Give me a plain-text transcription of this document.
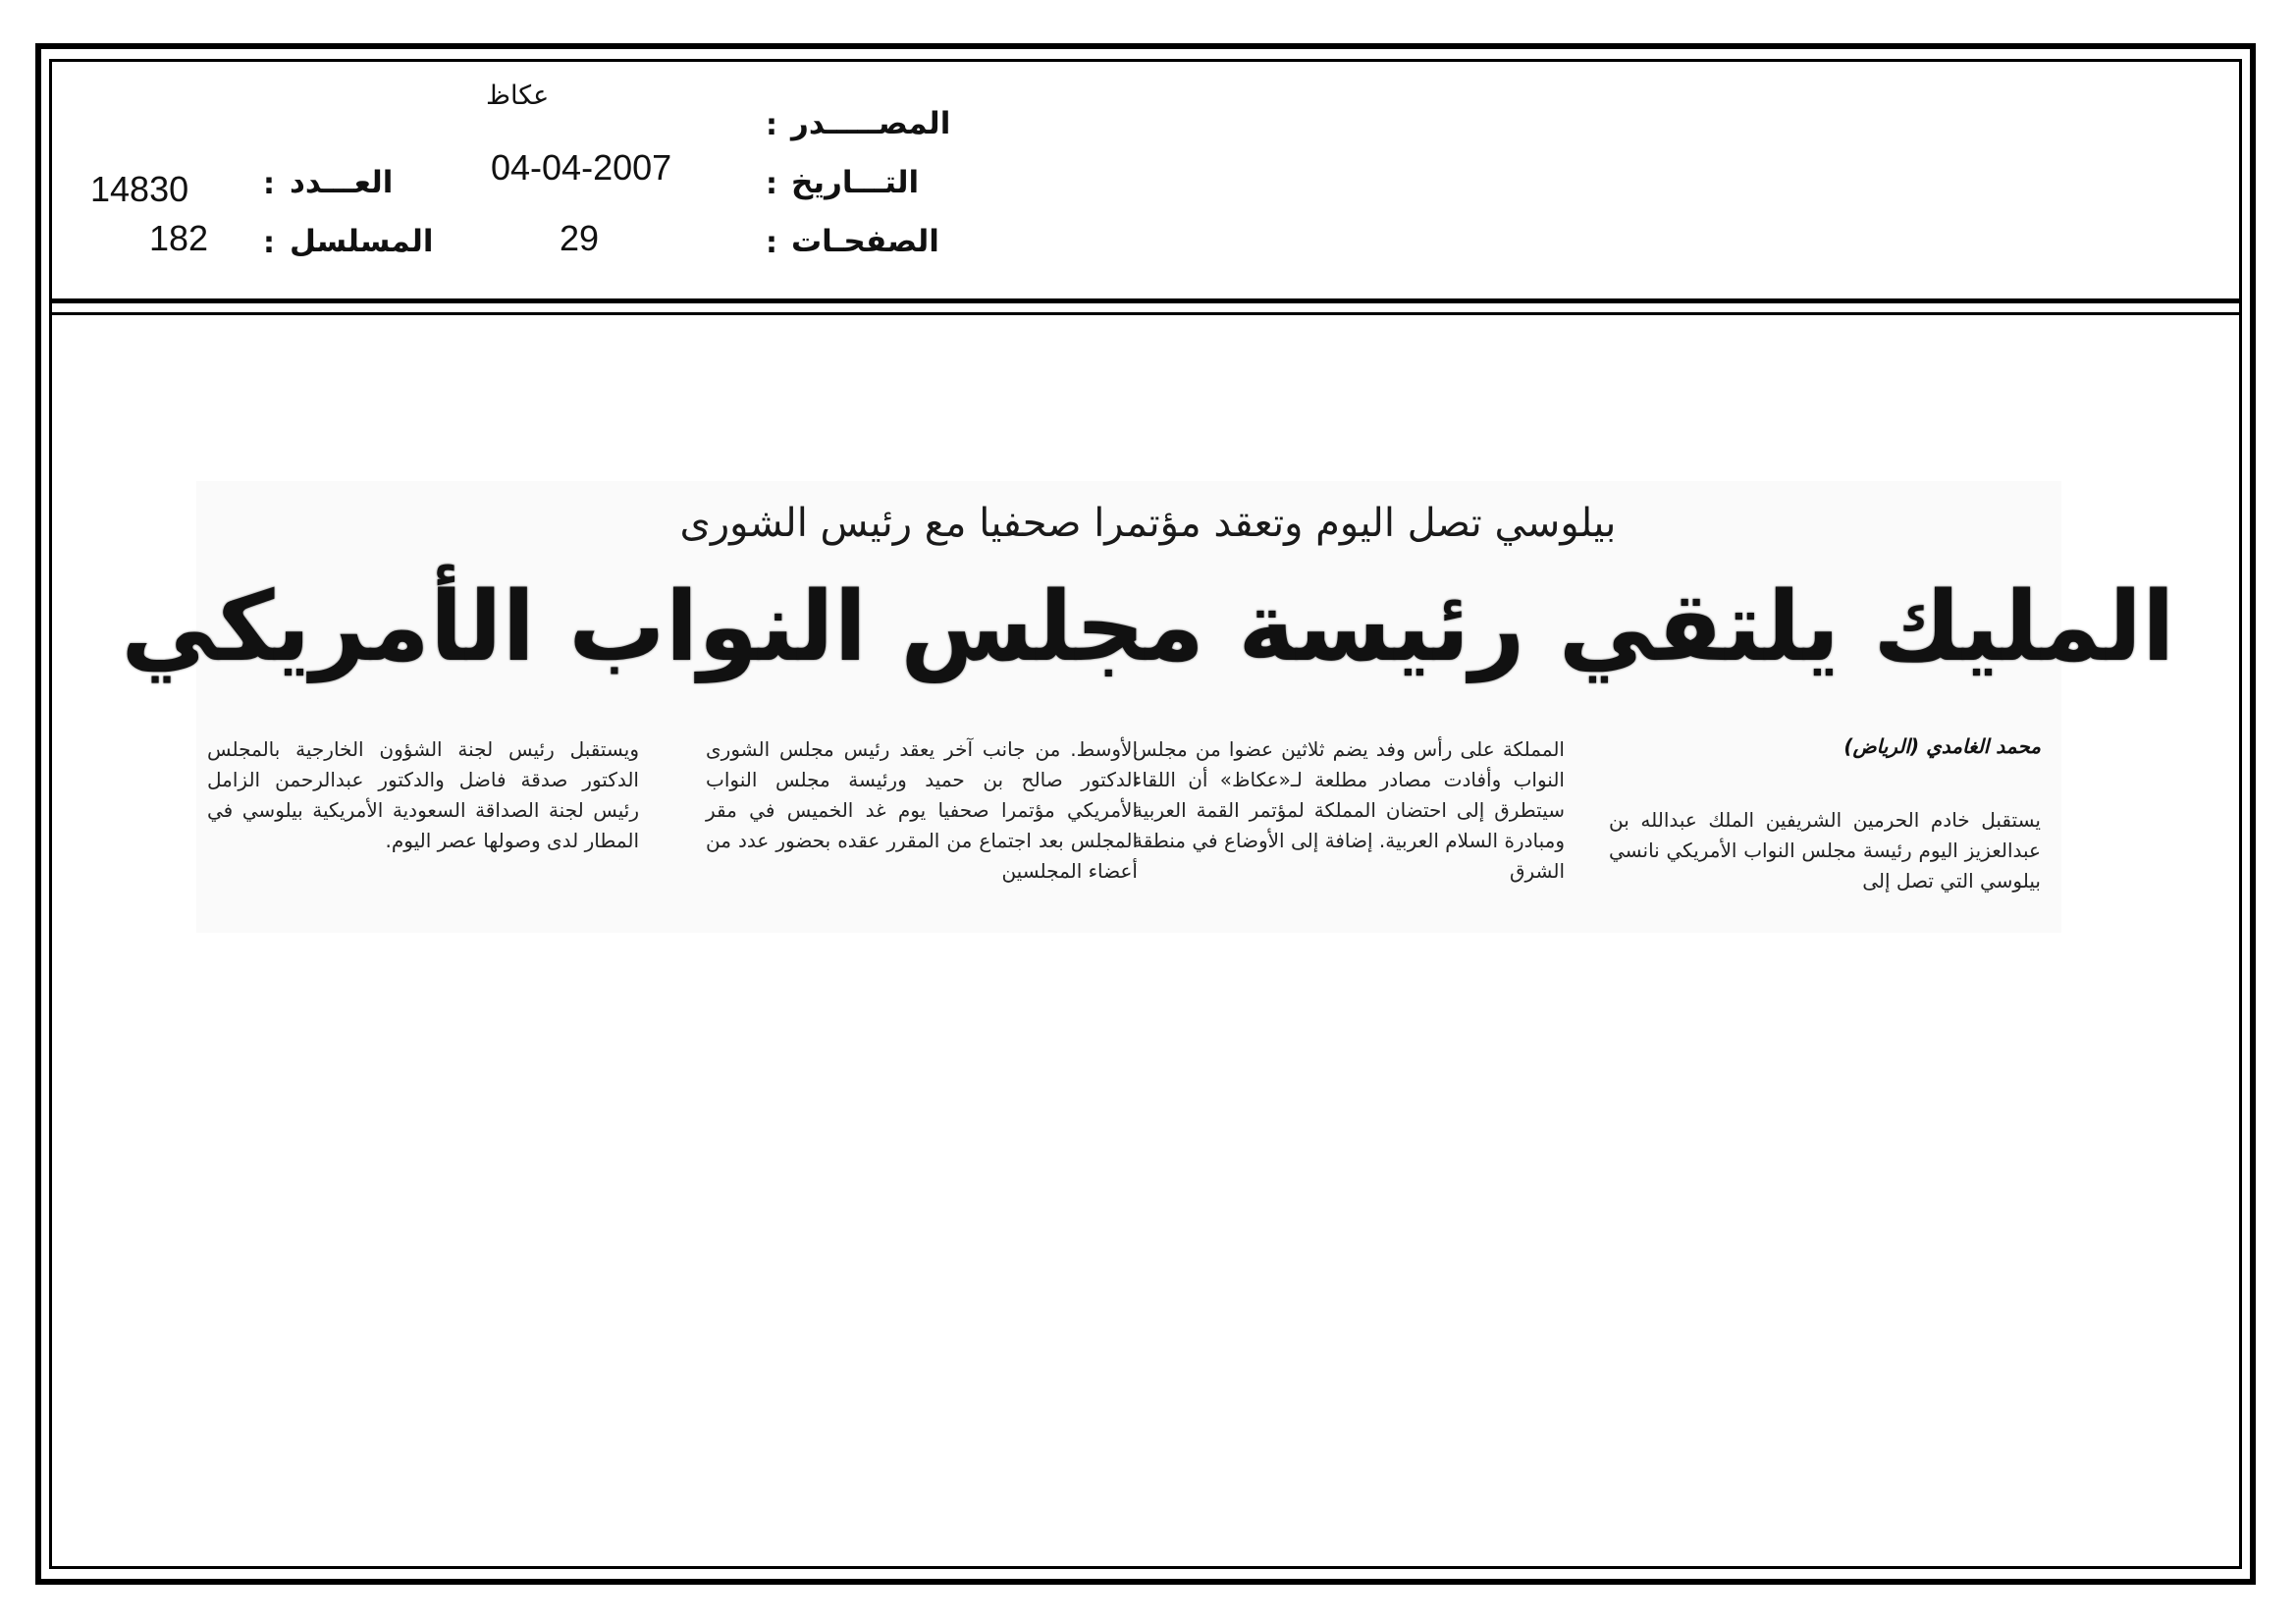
المصـــــدر
:
التـــاريخ
:
الصفحـات
:
عكاظ
04-04-2007
29
العـــدد
:
المسلسل
:
14830
182
بيلوسي تصل اليوم وتعقد مؤتمرا صحفيا مع رئيس الشورى
المليك يلتقي رئيسة مجلس النواب الأمريكي
محمد الغامدي (الرياض)

يستقبل خادم الحرمين الشريفين الملك عبدالله بن عبدالعزيز اليوم رئيسة مجلس النواب الأمريكي نانسي بيلوسي التي تصل إلى

المملكة على رأس وفد يضم ثلاثين عضوا من مجلس النواب وأفادت مصادر مطلعة لـ«عكاظ» أن اللقاء سيتطرق إلى احتضان المملكة لمؤتمر القمة العربية ومبادرة السلام العربية. إضافة إلى الأوضاع في منطقة الشرق

الأوسط. من جانب آخر يعقد رئيس مجلس الشورى الدكتور صالح بن حميد ورئيسة مجلس النواب الأمريكي مؤتمرا صحفيا يوم غد الخميس في مقر المجلس بعد اجتماع من المقرر عقده بحضور عدد من أعضاء المجلسين

ويستقبل رئيس لجنة الشؤون الخارجية بالمجلس الدكتور صدقة فاضل والدكتور عبدالرحمن الزامل رئيس لجنة الصداقة السعودية الأمريكية بيلوسي في المطار لدى وصولها عصر اليوم.
